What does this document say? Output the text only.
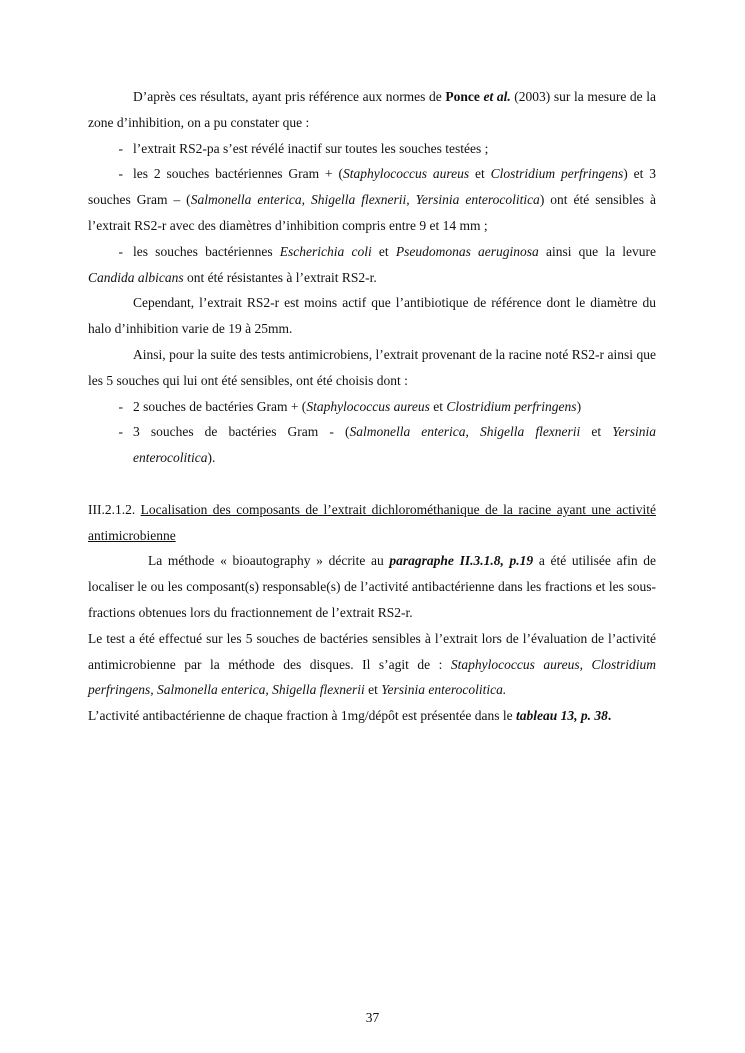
D’après ces résultats, ayant pris référence aux normes de Ponce et al. (2003) sur la mesure de la zone d’inhibition, on a pu constater que :

- l’extrait RS2-pa s’est révélé inactif sur toutes les souches testées ;

- les 2 souches bactériennes Gram + (Staphylococcus aureus et Clostridium perfringens) et 3 souches Gram – (Salmonella enterica, Shigella flexnerii, Yersinia enterocolitica) ont été sensibles à l’extrait RS2-r avec des diamètres d’inhibition compris entre 9 et 14 mm ;

- les souches bactériennes Escherichia coli et Pseudomonas aeruginosa ainsi que la levure Candida albicans ont été résistantes à l’extrait RS2-r.

Cependant, l’extrait RS2-r est moins actif que l’antibiotique de référence dont le diamètre du halo d’inhibition varie de 19 à 25mm.

Ainsi, pour la suite des tests antimicrobiens, l’extrait provenant de la racine noté RS2-r ainsi que les 5 souches qui lui ont été sensibles, ont été choisis dont :

- 2 souches de bactéries Gram + (Staphylococcus aureus et Clostridium perfringens)
- 3 souches de bactéries Gram - (Salmonella enterica, Shigella flexnerii et Yersinia enterocolitica).

III.2.1.2. Localisation des composants de l’extrait dichlorométhanique de la racine ayant une activité antimicrobienne

La méthode « bioautography » décrite au paragraphe II.3.1.8, p.19 a été utilisée afin de localiser le ou les composant(s) responsable(s) de l’activité antibactérienne dans les fractions et les sous-fractions obtenues lors du fractionnement de l’extrait RS2-r.

Le test a été effectué sur les 5 souches de bactéries sensibles à l’extrait lors de l’évaluation de l’activité antimicrobienne par la méthode des disques. Il s’agit de : Staphylococcus aureus, Clostridium perfringens, Salmonella enterica, Shigella flexnerii et Yersinia enterocolitica.

L’activité antibactérienne de chaque fraction à 1mg/dépôt est présentée dans le tableau 13, p. 38.

37
